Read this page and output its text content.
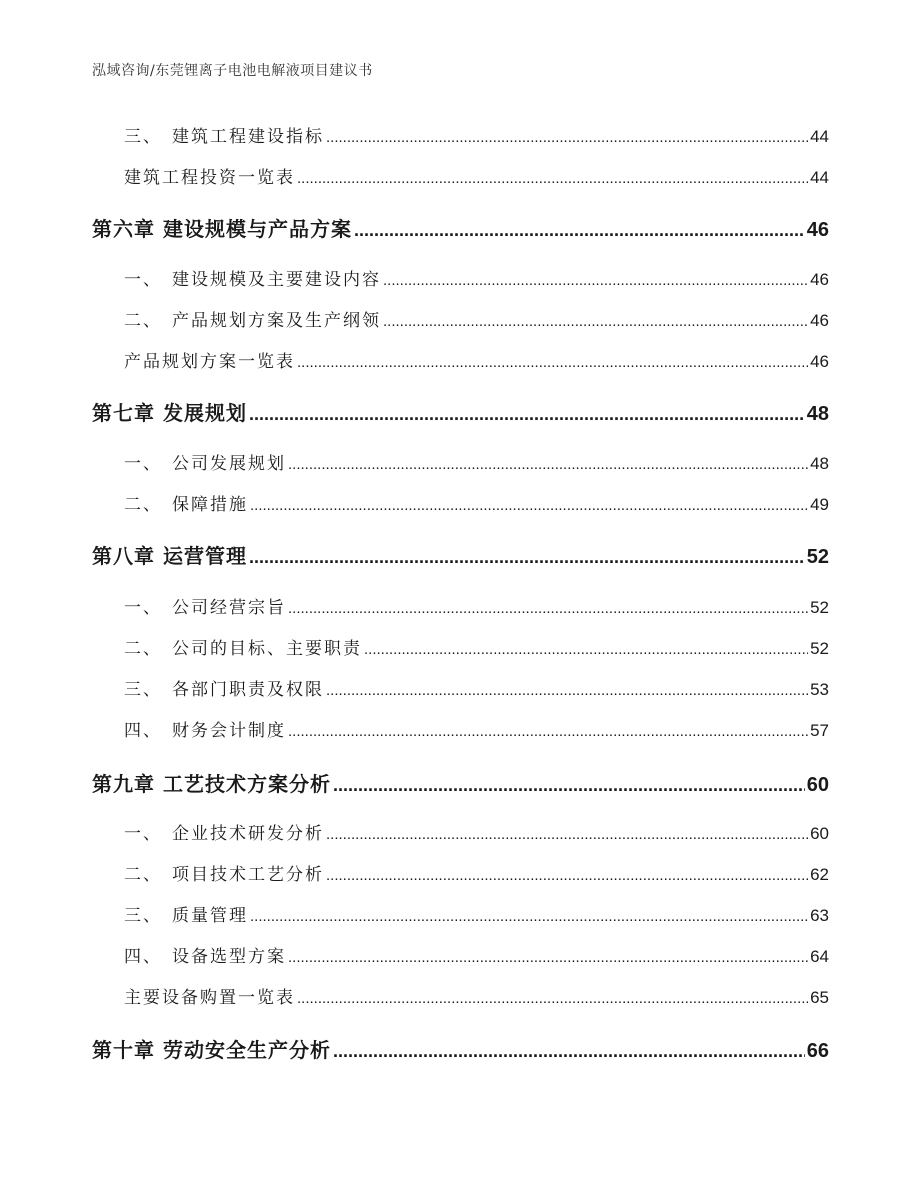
泓域咨询/东莞锂离子电池电解液项目建议书
三、 建筑工程建设指标 .....	44
建筑工程投资一览表 .....	44
第六章 建设规模与产品方案 .....	46
一、 建设规模及主要建设内容 .....	46
二、 产品规划方案及生产纲领 .....	46
产品规划方案一览表 .....	46
第七章 发展规划 .....	48
一、 公司发展规划 .....	48
二、 保障措施 .....	49
第八章 运营管理 .....	52
一、 公司经营宗旨 .....	52
二、 公司的目标、主要职责 .....	52
三、 各部门职责及权限 .....	53
四、 财务会计制度 .....	57
第九章 工艺技术方案分析 .....	60
一、 企业技术研发分析 .....	60
二、 项目技术工艺分析 .....	62
三、 质量管理 .....	63
四、 设备选型方案 .....	64
主要设备购置一览表 .....	65
第十章 劳动安全生产分析 .....	66
